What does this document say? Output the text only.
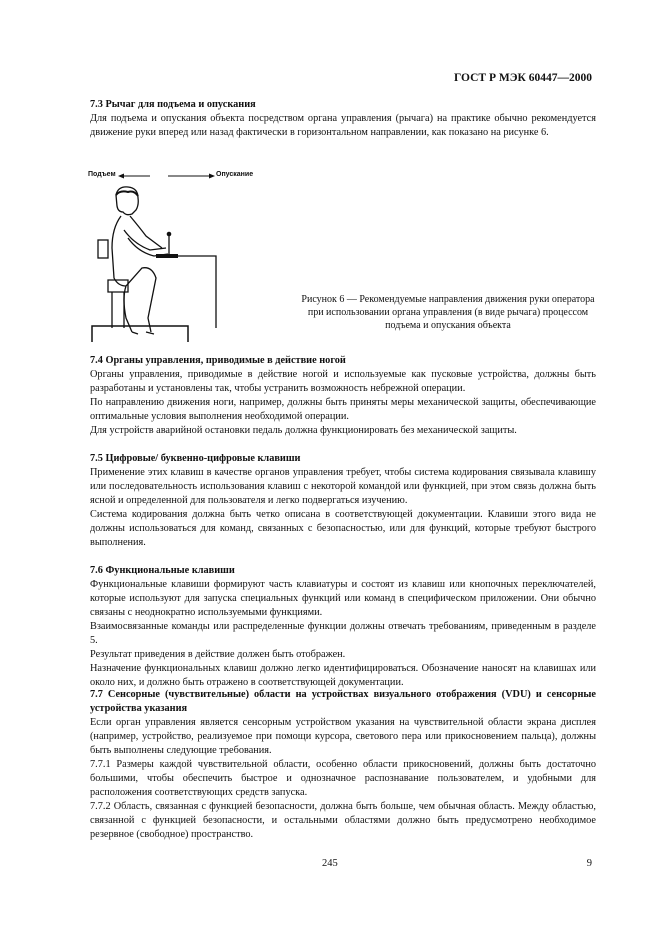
ГОСТ Р МЭК 60447—2000

7.3 Рычаг для подъема и опускания

Для подъема и опускания объекта посредством органа управления (рычага) на практике обычно рекомендуется движение руки вперед или назад фактически в горизонтальном направлении, как показано на рисунке 6.

Подъем	Опускание
Рисунок 6 — Рекомендуемые направления движения руки оператора при использовании органа управления (в виде рычага) процессом подъема и опускания объекта

7.4 Органы управления, приводимые в действие ногой

Органы управления, приводимые в действие ногой и используемые как пусковые устройства, должны быть разработаны и установлены так, чтобы устранить возможность небрежной операции.

По направлению движения ноги, например, должны быть приняты меры механической защиты, обеспечивающие оптимальные условия выполнения необходимой операции.

Для устройств аварийной остановки педаль должна функционировать без механической защиты.

7.5 Цифровые/ буквенно-цифровые клавиши

Применение этих клавиш в качестве органов управления требует, чтобы система кодирования связывала клавишу или последовательность использования клавиш с некоторой командой или функцией, при этом связь должна быть ясной и определенной для пользователя и легко подвергаться изучению.

Система кодирования должна быть четко описана в соответствующей документации. Клавиши этого вида не должны использоваться для команд, связанных с безопасностью, или для функций, которые требуют быстрого выполнения.

7.6 Функциональные клавиши

Функциональные клавиши формируют часть клавиатуры и состоят из клавиш или кнопочных переключателей, которые используют для запуска специальных функций или команд в специфическом приложении. Они обычно связаны с неоднократно используемыми функциями.

Взаимосвязанные команды или распределенные функции должны отвечать требованиям, приведенным в разделе 5.

Результат приведения в действие должен быть отображен.

Назначение функциональных клавиш должно легко идентифицироваться. Обозначение наносят на клавишах или около них, и должно быть отражено в соответствующей документации.

7.7 Сенсорные (чувствительные) области на устройствах визуального отображения (VDU) и сенсорные устройства указания

Если орган управления является сенсорным устройством указания на чувствительной области экрана дисплея (например, устройство, реализуемое при помощи курсора, светового пера или прикосновением пальца), должны быть выполнены следующие требования.

7.7.1 Размеры каждой чувствительной области, особенно области прикосновений, должны быть достаточно большими, чтобы обеспечить быстрое и однозначное распознавание пользователем, и удобными для расположения соответствующих средств запуска.

7.7.2 Область, связанная с функцией безопасности, должна быть больше, чем обычная область. Между областью, связанной с функцией безопасности, и остальными областями должно быть предусмотрено необходимое резервное (свободное) пространство.

245	9
